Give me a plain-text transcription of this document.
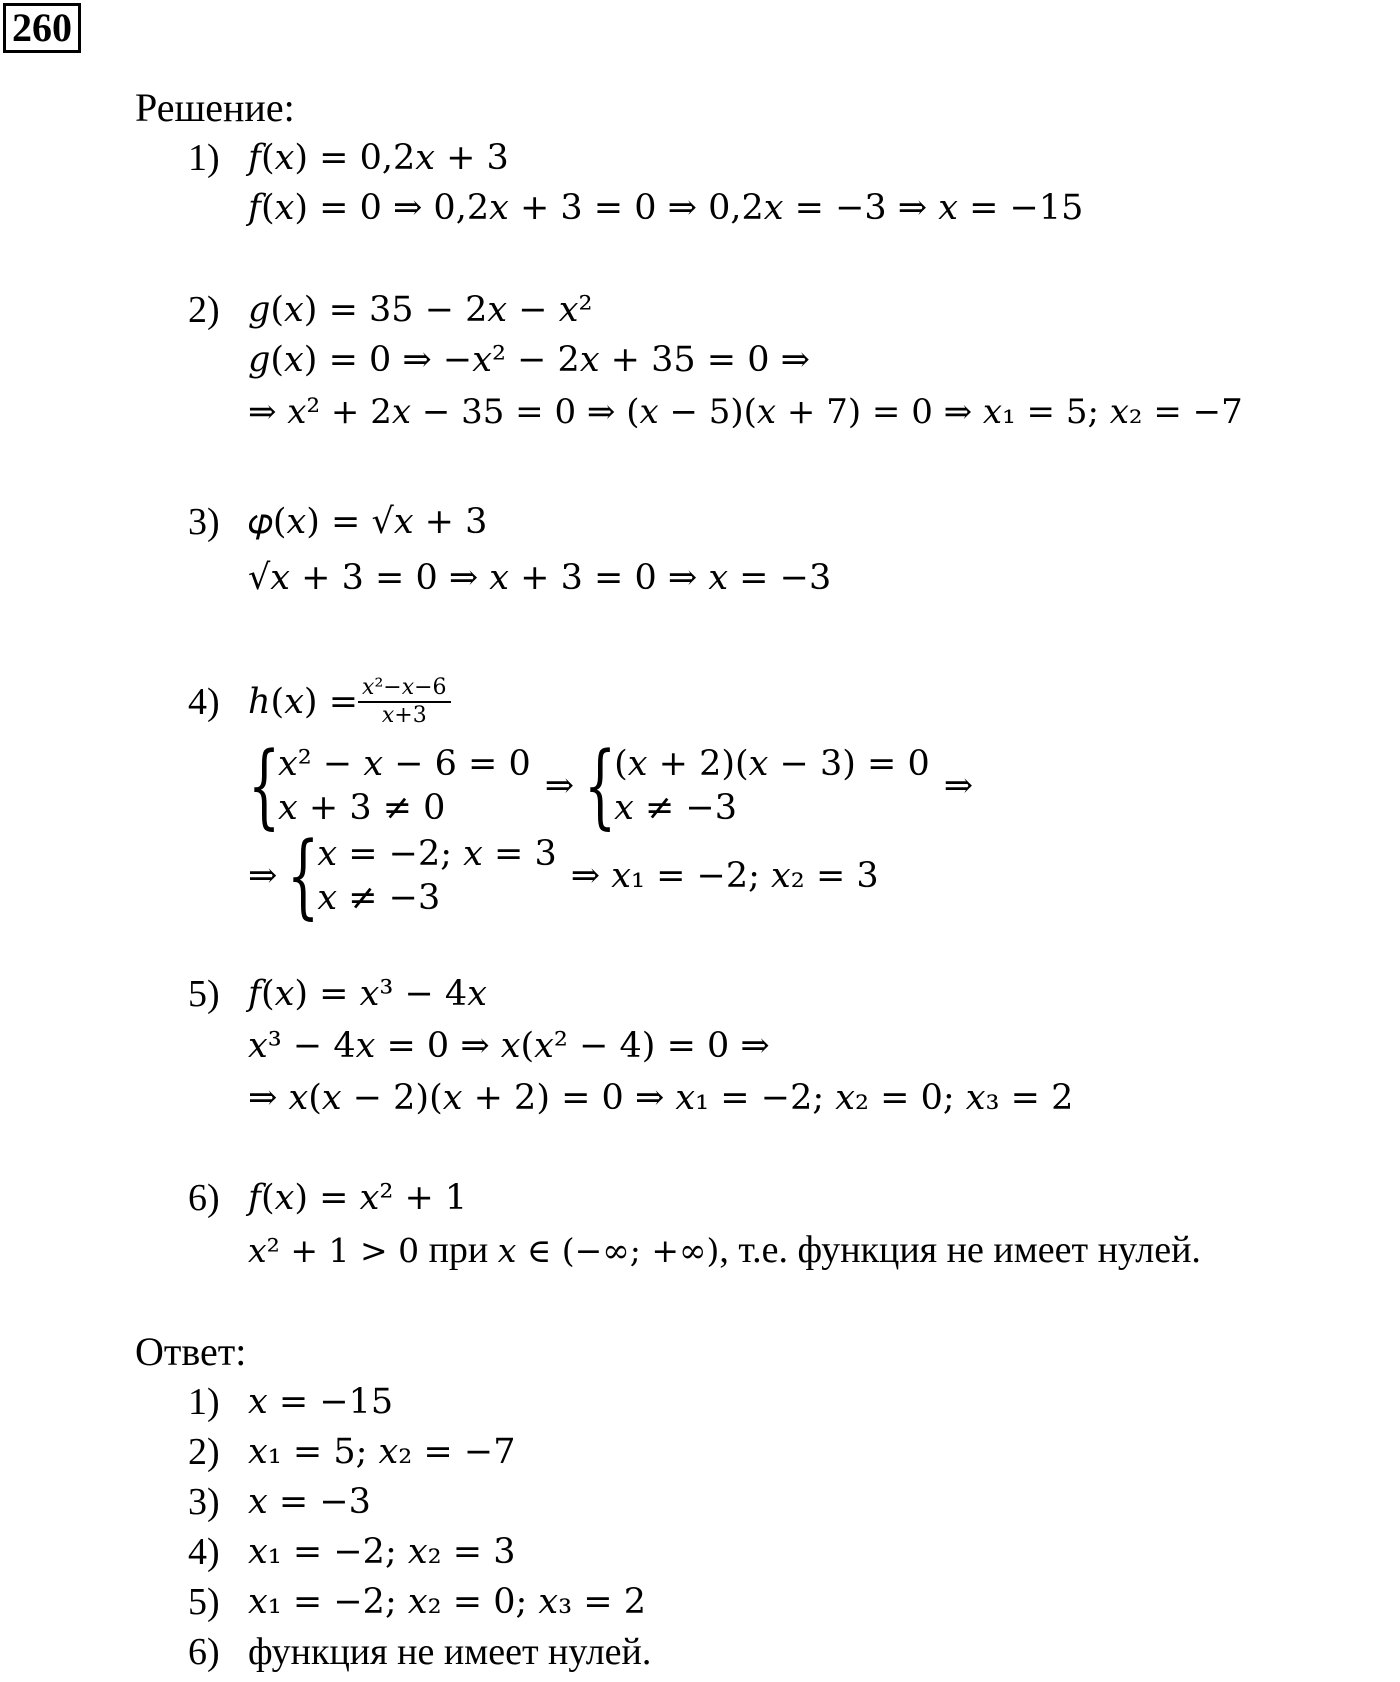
260
Решение:
1) 𝑓(𝑥) = 0,2𝑥 + 3
𝑓(𝑥) = 0 ⇒ 0,2𝑥 + 3 = 0 ⇒ 0,2𝑥 = −3 ⇒ 𝑥 = −15
2) 𝑔(𝑥) = 35 − 2𝑥 − 𝑥²
𝑔(𝑥) = 0 ⇒ −𝑥² − 2𝑥 + 35 = 0 ⇒
⇒ 𝑥² + 2𝑥 − 35 = 0 ⇒ (𝑥 − 5)(𝑥 + 7) = 0 ⇒ 𝑥₁ = 5; 𝑥₂ = −7
3) 𝜑(𝑥) = √𝑥 + 3
√𝑥 + 3 = 0 ⇒ 𝑥 + 3 = 0 ⇒ 𝑥 = −3
4) ℎ(𝑥) = $\frac{\text{𝑥²−𝑥−6}}{\text{𝑥+3}}$
{
𝑥² − 𝑥 − 6 = 0
𝑥 + 3 ≠ 0
⇒ {
(𝑥 + 2)(𝑥 − 3) = 0
𝑥 ≠ −3
⇒
⇒ {
𝑥 = −2; 𝑥 = 3
𝑥 ≠ −3
⇒ 𝑥₁ = −2; 𝑥₂ = 3
5) 𝑓(𝑥) = 𝑥³ − 4𝑥
𝑥³ − 4𝑥 = 0 ⇒ 𝑥(𝑥² − 4) = 0 ⇒
⇒ 𝑥(𝑥 − 2)(𝑥 + 2) = 0 ⇒ 𝑥₁ = −2; 𝑥₂ = 0; 𝑥₃ = 2
6) 𝑓(𝑥) = 𝑥² + 1
𝑥² + 1 > 0 при 𝑥 ∈ (−∞; +∞), т.е. функция не имеет нулей.
Ответ:
1) 𝑥 = −15
2) 𝑥₁ = 5; 𝑥₂ = −7
3) 𝑥 = −3
4) 𝑥₁ = −2; 𝑥₂ = 3
5) 𝑥₁ = −2; 𝑥₂ = 0; 𝑥₃ = 2
6) функция не имеет нулей.
